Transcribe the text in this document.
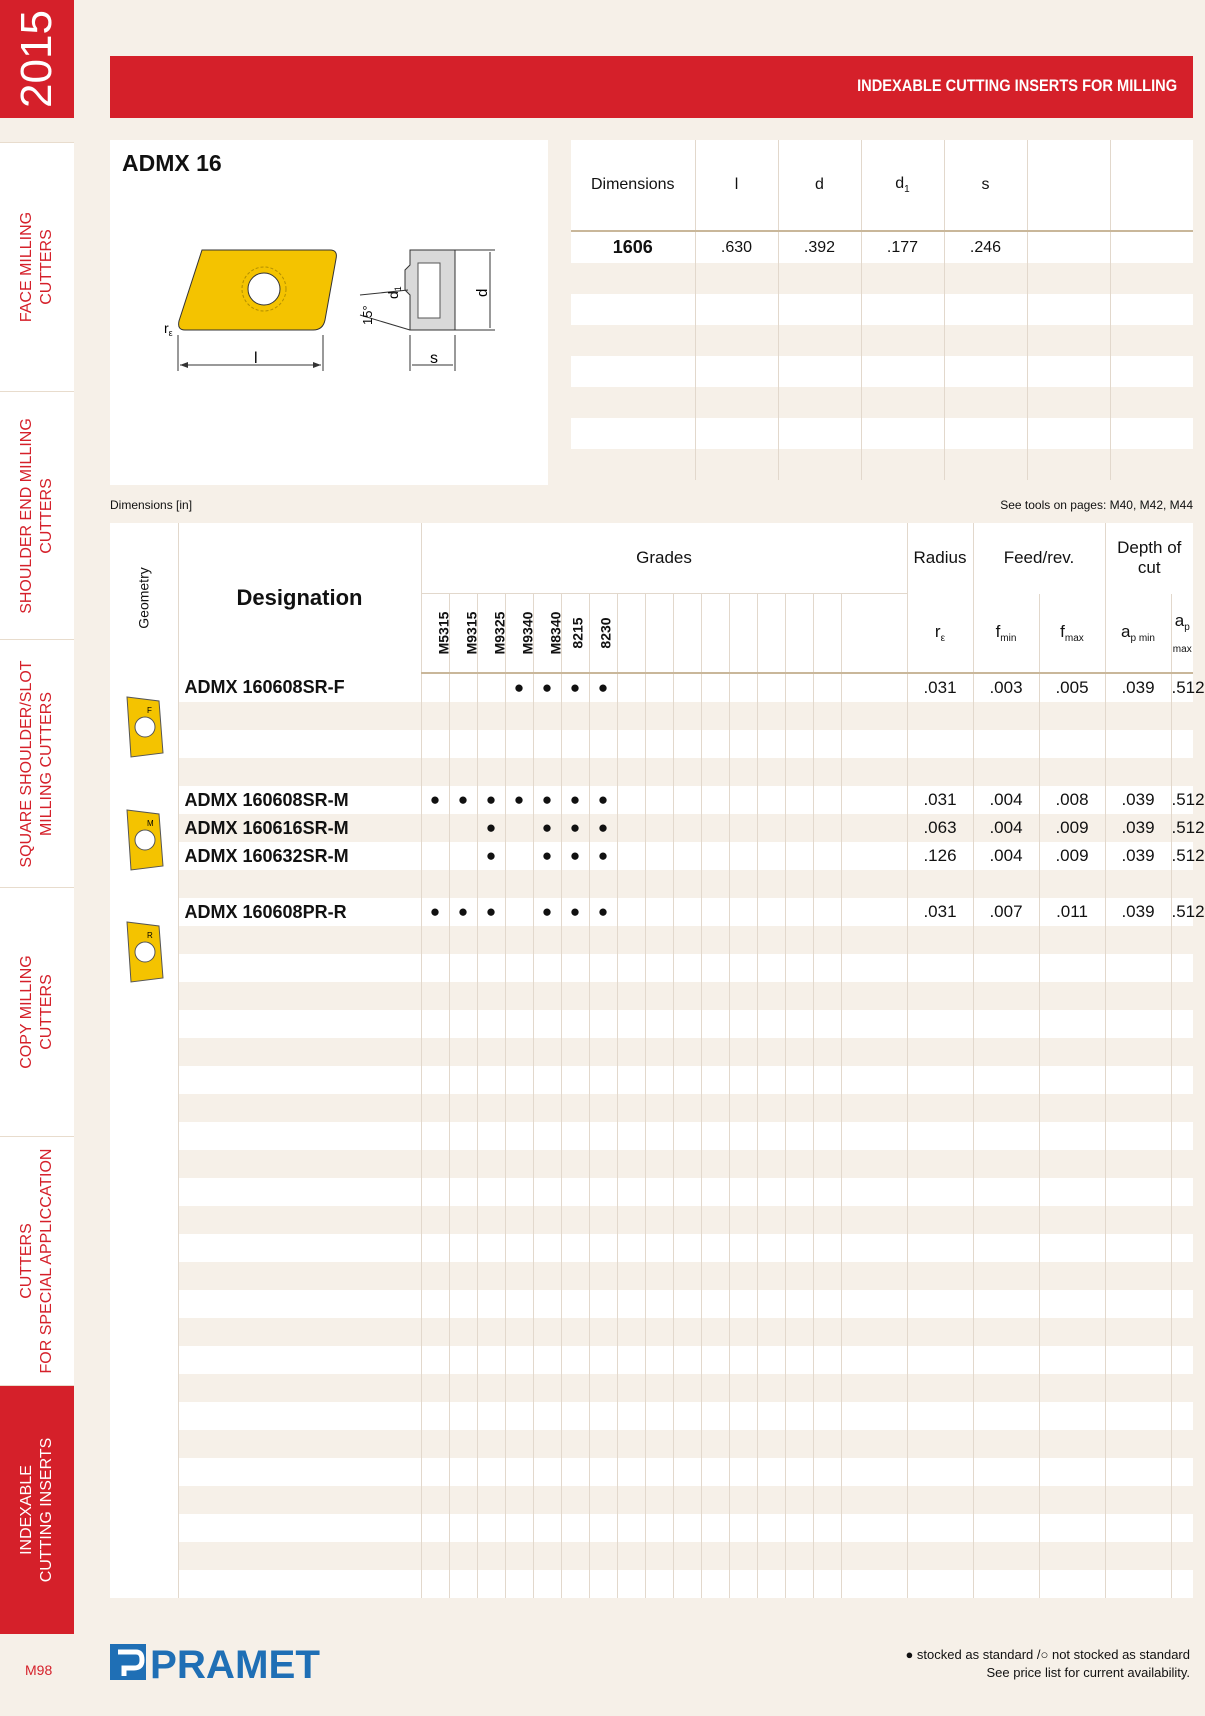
2015
FACE MILLING CUTTERS
SHOULDER END MILLING CUTTERS
SQUARE SHOULDER/SLOT MILLING CUTTERS
COPY MILLING CUTTERS
CUTTERS FOR SPECIAL APPLICCATION
INDEXABLE CUTTING INSERTS
M98
INDEXABLE CUTTING INSERTS FOR MILLING
ADMX 16
$r_\varepsilon$
l
15°
$d_1$	d
s
Dimensions	l	d	$d_1$	s		
1606	.630	.392	.177	.246		

Dimensions [in]	See tools on pages: M40, M42, M44
Geometry	Designation	Grades																Radius	Feed/rev.		Depth of cut	
		M5315	M9315	M9325	M9340	M8340	8215	8230										$r_\varepsilon$	$f_{min}$	$f_{max}$	$a_{p min}$	$a_{p max}$

F	ADMX 160608SR-F				●	●	●	●										.031	.003	.005	.039	.512

M	ADMX 160608SR-M	●	●	●	●	●	●	●										.031	.004	.008	.039	.512
	ADMX 160616SR-M			●		●	●	●										.063	.004	.009	.039	.512
	ADMX 160632SR-M			●		●	●	●										.126	.004	.009	.039	.512

R	ADMX 160608PR-R	●	●	●		●	●	●										.031	.007	.011	.039	.512

PRAMET	● stocked as standard /○ not stocked as standard
See price list for current availability.
